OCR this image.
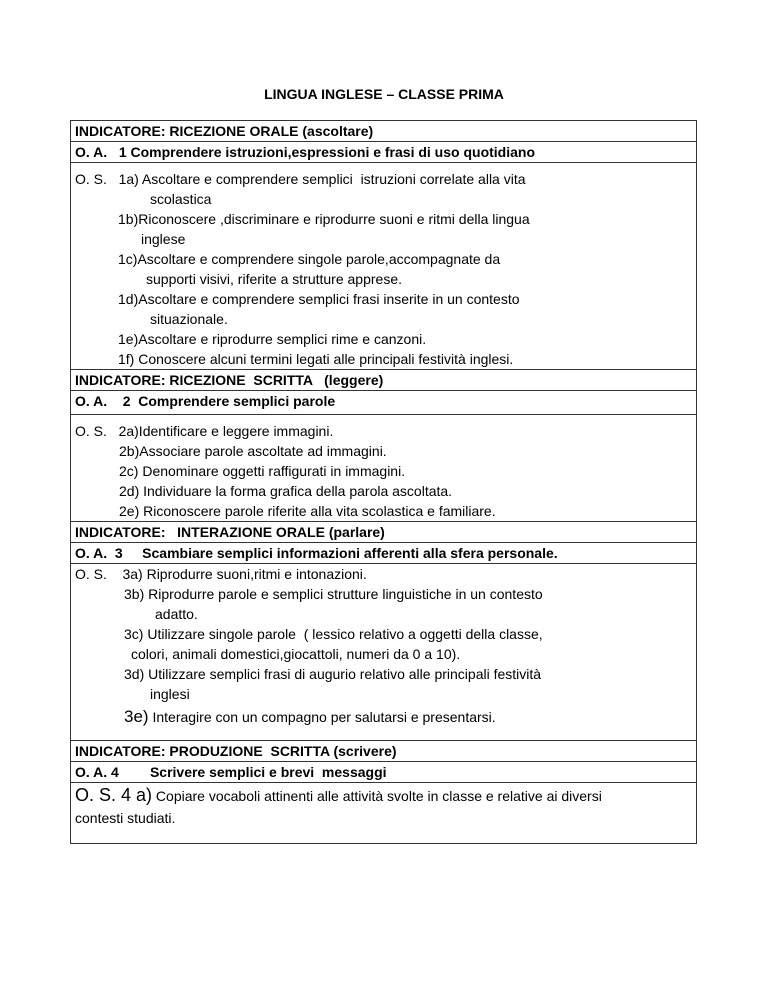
LINGUA INGLESE – CLASSE PRIMA
INDICATORE: RICEZIONE ORALE (ascoltare)
O. A.   1 Comprendere istruzioni,espressioni e frasi di uso quotidiano
O. S.   1a) Ascoltare e comprendere semplici  istruzioni correlate alla vita
scolastica
1b)Riconoscere ,discriminare e riprodurre suoni e ritmi della lingua
inglese
1c)Ascoltare e comprendere singole parole,accompagnate da
supporti visivi, riferite a strutture apprese.
1d)Ascoltare e comprendere semplici frasi inserite in un contesto
situazionale.
1e)Ascoltare e riprodurre semplici rime e canzoni.
1f) Conoscere alcuni termini legati alle principali festività inglesi.
INDICATORE: RICEZIONE  SCRITTA   (leggere)
O. A.    2  Comprendere semplici parole
O. S.   2a)Identificare e leggere immagini.
2b)Associare parole ascoltate ad immagini.
2c) Denominare oggetti raffigurati in immagini.
2d) Individuare la forma grafica della parola ascoltata.
2e) Riconoscere parole riferite alla vita scolastica e familiare.
INDICATORE:   INTERAZIONE ORALE (parlare)
O. A.  3     Scambiare semplici informazioni afferenti alla sfera personale.
O. S.    3a) Riprodurre suoni,ritmi e intonazioni.
3b) Riprodurre parole e semplici strutture linguistiche in un contesto
adatto.
3c) Utilizzare singole parole  ( lessico relativo a oggetti della classe,
colori, animali domestici,giocattoli, numeri da 0 a 10).
3d) Utilizzare semplici frasi di augurio relativo alle principali festività
inglesi
3e) Interagire con un compagno per salutarsi e presentarsi.
INDICATORE: PRODUZIONE  SCRITTA (scrivere)
O. A. 4        Scrivere semplici e brevi  messaggi
O. S. 4 a) Copiare vocaboli attinenti alle attività svolte in classe e relative ai diversi
contesti studiati.
